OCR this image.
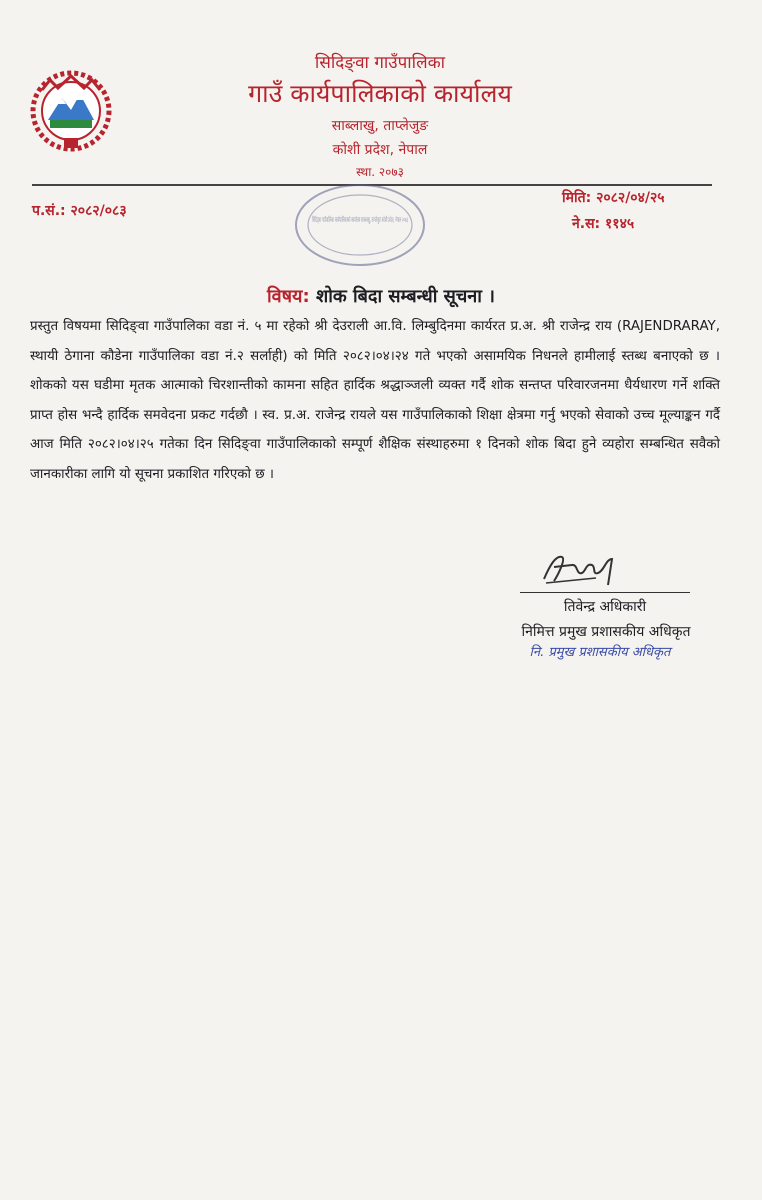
सिदिङ्वा गाउँपालिका
गाउँ कार्यपालिकाको कार्यालय
साब्लाखु, ताप्लेजुङ
कोशी प्रदेश, नेपाल
स्था. २०७३
प.सं.: २०८२/०८३
मिति: २०८२/०४/२५
ने.स: ११४५
सिदिङ्वा गाउँपालिका कार्यपालिकाको कार्यालय साब्लाखु, ताप्लेजुङ कोशी प्रदेश, नेपाल २०७३
विषय: शोक बिदा सम्बन्धी सूचना ।

प्रस्तुत विषयमा सिदिङ्वा गाउँपालिका वडा नं. ५ मा रहेको श्री देउराली आ.वि. लिम्बुदिनमा कार्यरत प्र.अ. श्री राजेन्द्र राय (RAJENDRARAY, स्थायी ठेगाना कौडेना गाउँपालिका वडा नं.२ सर्लाही) को मिति २०८२।०४।२४ गते भएको असामयिक निधनले हामीलाई स्तब्ध बनाएको छ । शोकको यस घडीमा मृतक आत्माको चिरशान्तीको कामना सहित हार्दिक श्रद्धाञ्जली व्यक्त गर्दै शोक सन्तप्त परिवारजनमा धैर्यधारण गर्ने शक्ति प्राप्त होस भन्दै हार्दिक समवेदना प्रकट गर्दछौ । स्व. प्र.अ. राजेन्द्र रायले यस गाउँपालिकाको शिक्षा क्षेत्रमा गर्नु भएको सेवाको उच्च मूल्याङ्कन गर्दै आज मिति २०८२।०४।२५ गतेका दिन सिदिङ्वा गाउँपालिकाको सम्पूर्ण शैक्षिक संस्थाहरुमा १ दिनको शोक बिदा हुने व्यहोरा सम्बन्धित सवैको जानकारीका लागि यो सूचना प्रकाशित गरिएको छ ।

तिवेन्द्र अधिकारी
निमित्त प्रमुख प्रशासकीय अधिकृत
नि. प्रमुख प्रशासकीय अधिकृत
